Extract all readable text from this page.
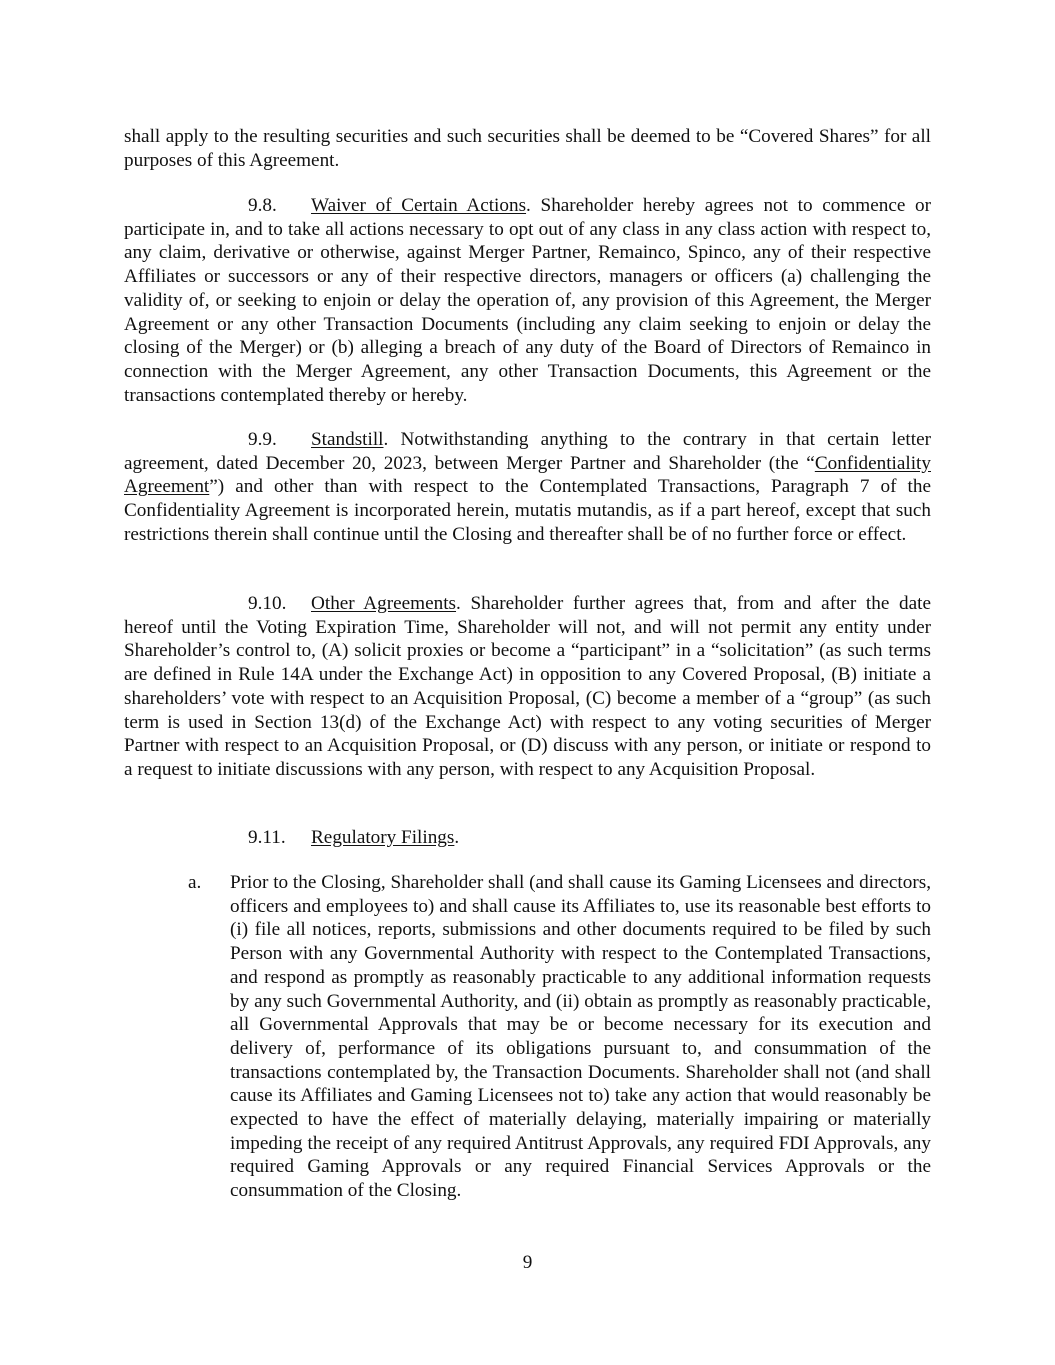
shall apply to the resulting securities and such securities shall be deemed to be “Covered Shares” for all purposes of this Agreement.

9.8. Waiver of Certain Actions. Shareholder hereby agrees not to commence or participate in, and to take all actions necessary to opt out of any class in any class action with respect to, any claim, derivative or otherwise, against Merger Partner, Remainco, Spinco, any of their respective Affiliates or successors or any of their respective directors, managers or officers (a) challenging the validity of, or seeking to enjoin or delay the operation of, any provision of this Agreement, the Merger Agreement or any other Transaction Documents (including any claim seeking to enjoin or delay the closing of the Merger) or (b) alleging a breach of any duty of the Board of Directors of Remainco in connection with the Merger Agreement, any other Transaction Documents, this Agreement or the transactions contemplated thereby or hereby.

9.9. Standstill. Notwithstanding anything to the contrary in that certain letter agreement, dated December 20, 2023, between Merger Partner and Shareholder (the “Confidentiality Agreement”) and other than with respect to the Contemplated Transactions, Paragraph 7 of the Confidentiality Agreement is incorporated herein, mutatis mutandis, as if a part hereof, except that such restrictions therein shall continue until the Closing and thereafter shall be of no further force or effect.

9.10. Other Agreements. Shareholder further agrees that, from and after the date hereof until the Voting Expiration Time, Shareholder will not, and will not permit any entity under Shareholder’s control to, (A) solicit proxies or become a “participant” in a “solicitation” (as such terms are defined in Rule 14A under the Exchange Act) in opposition to any Covered Proposal, (B) initiate a shareholders’ vote with respect to an Acquisition Proposal, (C) become a member of a “group” (as such term is used in Section 13(d) of the Exchange Act) with respect to any voting securities of Merger Partner with respect to an Acquisition Proposal, or (D) discuss with any person, or initiate or respond to a request to initiate discussions with any person, with respect to any Acquisition Proposal.

9.11. Regulatory Filings.

a. Prior to the Closing, Shareholder shall (and shall cause its Gaming Licensees and directors, officers and employees to) and shall cause its Affiliates to, use its reasonable best efforts to (i) file all notices, reports, submissions and other documents required to be filed by such Person with any Governmental Authority with respect to the Contemplated Transactions, and respond as promptly as reasonably practicable to any additional information requests by any such Governmental Authority, and (ii) obtain as promptly as reasonably practicable, all Governmental Approvals that may be or become necessary for its execution and delivery of, performance of its obligations pursuant to, and consummation of the transactions contemplated by, the Transaction Documents. Shareholder shall not (and shall cause its Affiliates and Gaming Licensees not to) take any action that would reasonably be expected to have the effect of materially delaying, materially impairing or materially impeding the receipt of any required Antitrust Approvals, any required FDI Approvals, any required Gaming Approvals or any required Financial Services Approvals or the consummation of the Closing.

9
